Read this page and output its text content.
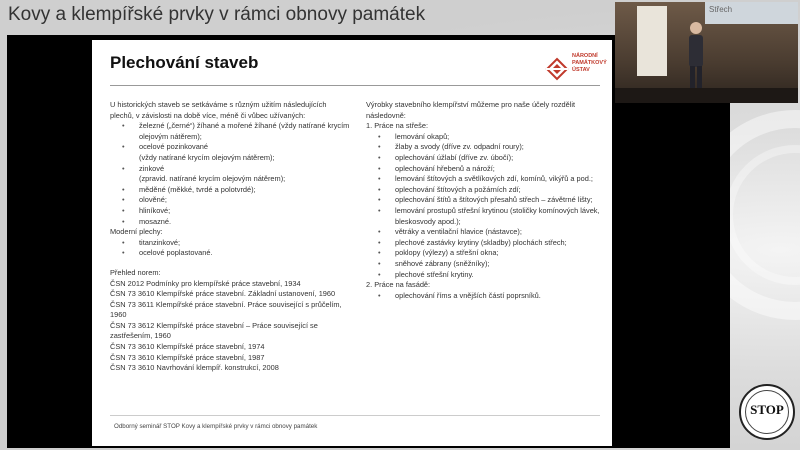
Kovy a klempířské prvky v rámci obnovy památek
Plechování staveb	NÁRODNÍ
PAMÁTKOVÝ
ÚSTAV

U historických staveb se setkáváme s různým užitím následujících plechů, v závislosti na době více, méně či vůbec užívaných:

• železné („černé“) žíhané a mořené žíhané (vždy natírané krycím olejovým nátěrem);
• ocelové pozinkované
(vždy natírané krycím olejovým nátěrem);
• zinkové
(zpravid. natírané krycím olejovým nátěrem);
• měděné (měkké, tvrdé a polotvrdé);
• olověné;
• hliníkové;
• mosazné.

Moderní plechy:

• titanzinkové;
• ocelové poplastované.

Přehled norem:

ČSN 2012 Podmínky pro klempířské práce stavební, 1934

ČSN 73 3610 Klempířské práce stavební. Základní ustanovení, 1960

ČSN 73 3611 Klempířské práce stavební. Práce související s průčelím, 1960

ČSN 73 3612 Klempířské práce stavební – Práce související se zastřešením, 1960

ČSN 73 3610 Klempířské práce stavební, 1974

ČSN 73 3610 Klempířské práce stavební, 1987

ČSN 73 3610 Navrhování klempíř. konstrukcí, 2008

Výrobky stavebního klempířství můžeme pro naše účely rozdělit následovně:

1. Práce na střeše:

• lemování okapů;
• žlaby a svody (dříve zv. odpadní roury);
• oplechování úžlabí (dříve zv. úbočí);
• oplechování hřebenů a nároží;
• lemování štítových a světlíkových zdí, komínů, vikýřů a pod.;
• oplechování štítových a požárních zdí;
• oplechování štítů a štítových přesahů střech – závětrné lišty;
• lemování prostupů střešní krytinou (stoličky komínových lávek, bleskosvody apod.);
• větráky a ventilační hlavice (nástavce);
• plechové zastávky krytiny (skladby) plochách střech;
• poklopy (výlezy) a střešní okna;
• sněhové zábrany (sněžníky);
• plechové střešní krytiny.

2. Práce na fasádě:

• oplechování říms a vnějších částí poprsníků.
Odborný seminář STOP Kovy a klempířské prvky v rámci obnovy památek
Střech
STOP
